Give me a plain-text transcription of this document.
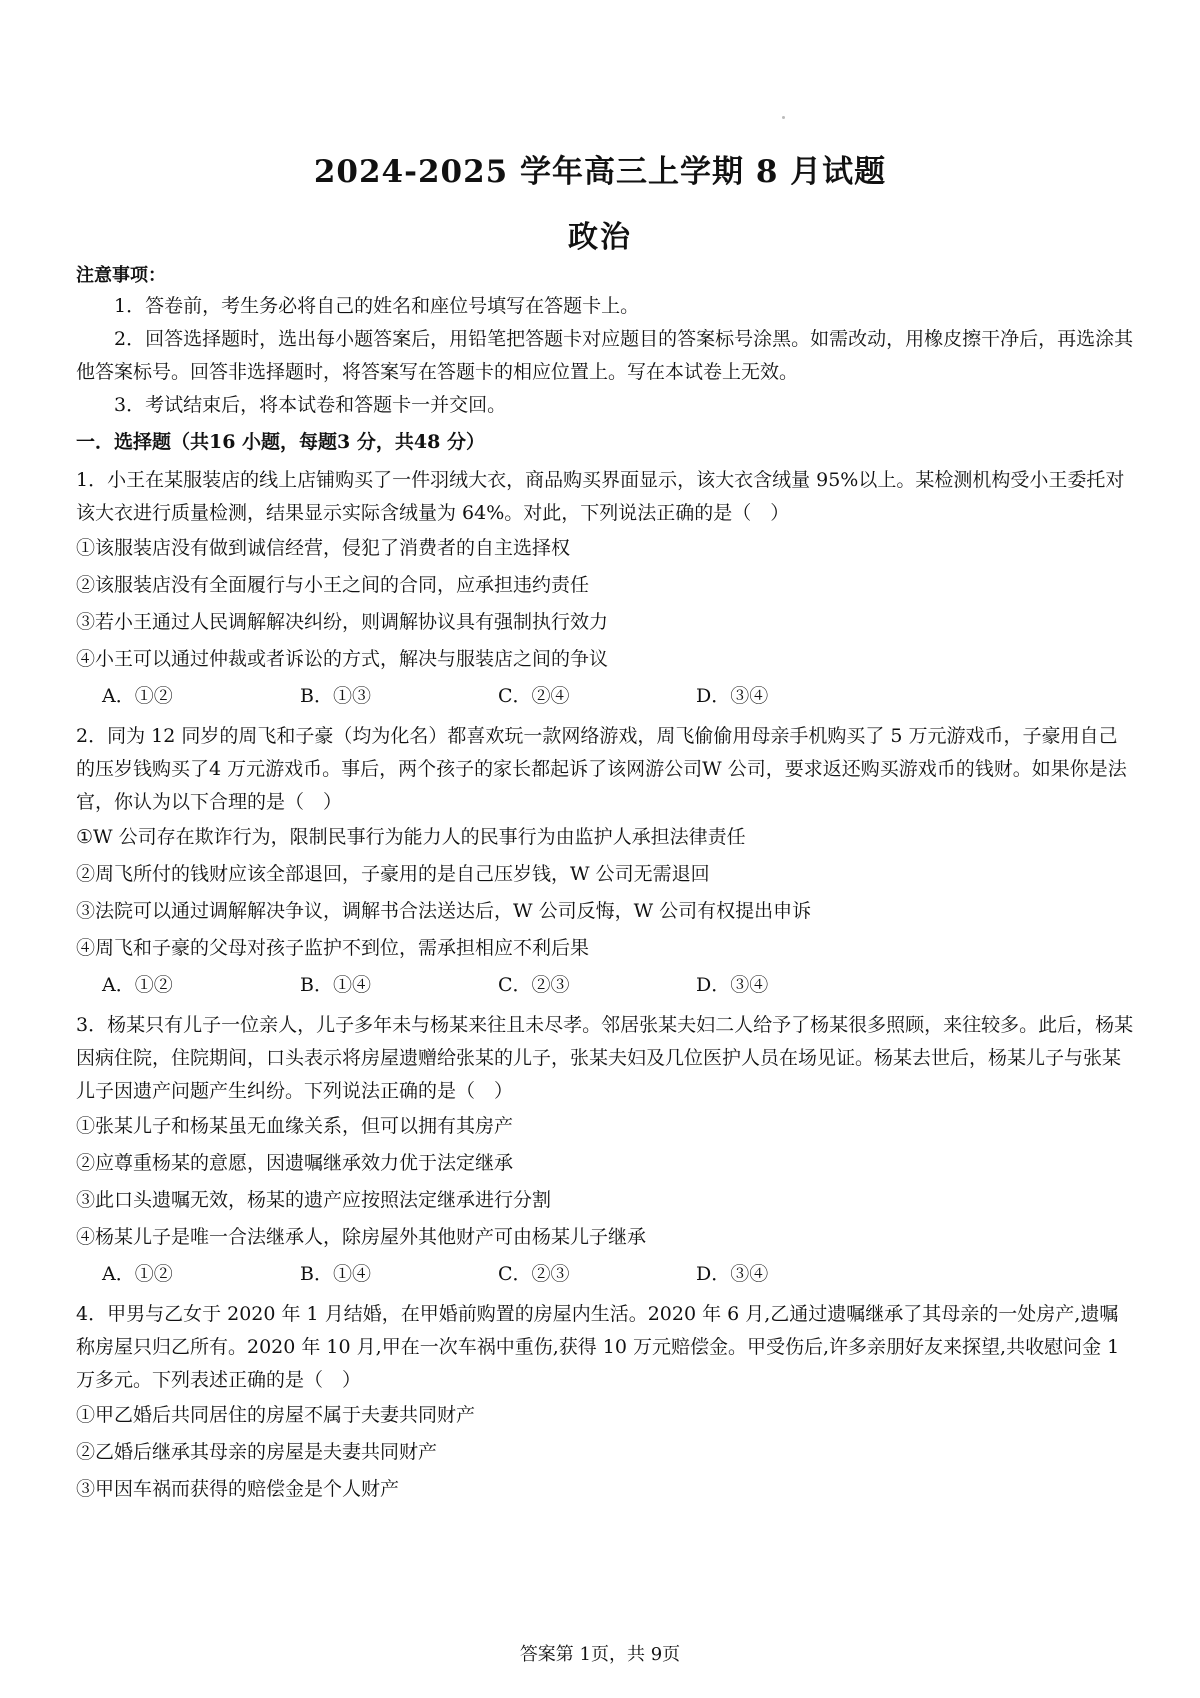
2024-2025 学年高三上学期 8 月试题
政治
注意事项：
1．答卷前，考生务必将自己的姓名和座位号填写在答题卡上。
2．回答选择题时，选出每小题答案后，用铅笔把答题卡对应题目的答案标号涂黑。如需改动，用橡皮擦干净后，再选涂其他答案标号。回答非选择题时，将答案写在答题卡的相应位置上。写在本试卷上无效。
3．考试结束后，将本试卷和答题卡一并交回。
一．选择题（共16 小题，每题3 分，共48 分）
1．小王在某服装店的线上店铺购买了一件羽绒大衣，商品购买界面显示，该大衣含绒量 95%以上。某检测机构受小王委托对该大衣进行质量检测，结果显示实际含绒量为 64%。对此，下列说法正确的是（　）
①该服装店没有做到诚信经营，侵犯了消费者的自主选择权
②该服装店没有全面履行与小王之间的合同，应承担违约责任
③若小王通过人民调解解决纠纷，则调解协议具有强制执行效力
④小王可以通过仲裁或者诉讼的方式，解决与服装店之间的争议
A．①②	B．①③	C．②④	D．③④
2．同为 12 同岁的周飞和子豪（均为化名）都喜欢玩一款网络游戏，周飞偷偷用母亲手机购买了 5 万元游戏币，子豪用自己的压岁钱购买了4 万元游戏币。事后，两个孩子的家长都起诉了该网游公司W 公司，要求返还购买游戏币的钱财。如果你是法官，你认为以下合理的是（　）
①W 公司存在欺诈行为，限制民事行为能力人的民事行为由监护人承担法律责任
②周飞所付的钱财应该全部退回，子豪用的是自己压岁钱，W 公司无需退回
③法院可以通过调解解决争议，调解书合法送达后，W 公司反悔，W 公司有权提出申诉
④周飞和子豪的父母对孩子监护不到位，需承担相应不利后果
A．①②	B．①④	C．②③	D．③④
3．杨某只有儿子一位亲人，儿子多年未与杨某来往且未尽孝。邻居张某夫妇二人给予了杨某很多照顾，来往较多。此后，杨某因病住院，住院期间，口头表示将房屋遗赠给张某的儿子，张某夫妇及几位医护人员在场见证。杨某去世后，杨某儿子与张某儿子因遗产问题产生纠纷。下列说法正确的是（　）
①张某儿子和杨某虽无血缘关系，但可以拥有其房产
②应尊重杨某的意愿，因遗嘱继承效力优于法定继承
③此口头遗嘱无效，杨某的遗产应按照法定继承进行分割
④杨某儿子是唯一合法继承人，除房屋外其他财产可由杨某儿子继承
A．①②	B．①④	C．②③	D．③④
4．甲男与乙女于 2020 年 1 月结婚，在甲婚前购置的房屋内生活。2020 年 6 月,乙通过遗嘱继承了其母亲的一处房产,遗嘱称房屋只归乙所有。2020 年 10 月,甲在一次车祸中重伤,获得 10 万元赔偿金。甲受伤后,许多亲朋好友来探望,共收慰问金 1 万多元。下列表述正确的是（　）
①甲乙婚后共同居住的房屋不属于夫妻共同财产
②乙婚后继承其母亲的房屋是夫妻共同财产
③甲因车祸而获得的赔偿金是个人财产
答案第 1页，共 9页
